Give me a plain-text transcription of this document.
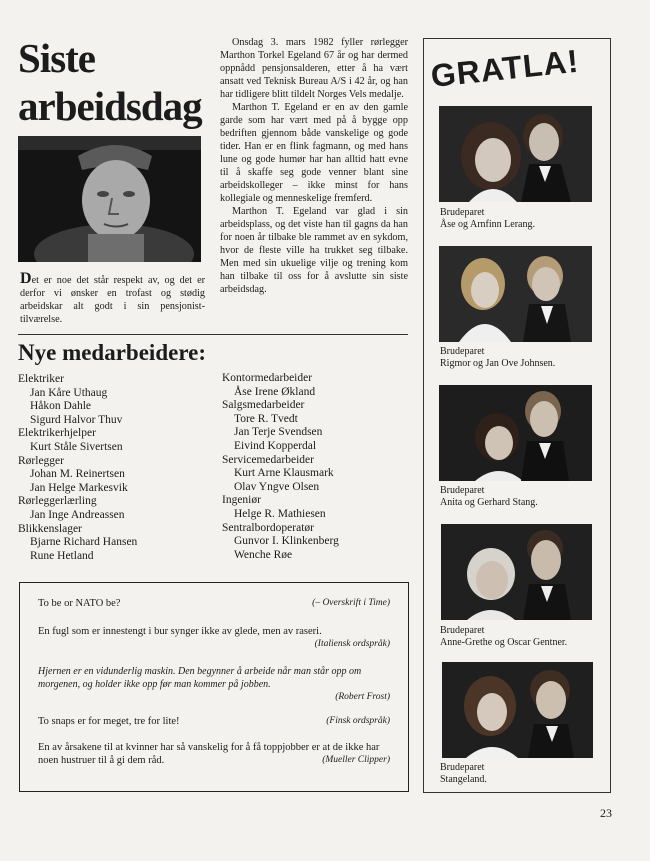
Siste
arbeidsdag
Det er noe det står respekt av, og det er derfor vi ønsker en trofast og stødig arbeidskar alt godt i sin pensjonist-tilværelse.

Onsdag 3. mars 1982 fyller rørlegger Marthon Torkel Egeland 67 år og har dermed oppnådd pensjonsalderen, etter å ha vært ansatt ved Teknisk Bureau A/S i 42 år, og han har tidligere blitt tildelt Norges Vels medalje.

Marthon T. Egeland er en av den gamle garde som har vært med på å bygge opp bedriften gjennom både vanskelige og gode tider. Han er en flink fagmann, og med hans lune og gode humør har han alltid hatt evne til å skaffe seg gode venner blant sine arbeidskolleger – ikke minst for hans kollegiale og menneskelige fremferd.

Marthon T. Egeland var glad i sin arbeidsplass, og det viste han til gagns da han for noen år tilbake ble rammet av en sykdom, hvor de fleste ville ha trukket seg tilbake. Men med sin ukuelige vilje og trening kom han tilbake til oss for å avslutte sin siste arbeidsdag.

Nye medarbeidere:
Elektriker
Jan Kåre Uthaug
Håkon Dahle
Sigurd Halvor Thuv
Elektrikerhjelper
Kurt Ståle Sivertsen
Rørlegger
Johan M. Reinertsen
Jan Helge Markesvik
Rørleggerlærling
Jan Inge Andreassen
Blikkenslager
Bjarne Richard Hansen
Rune Hetland
Kontormedarbeider
Åse Irene Økland
Salgsmedarbeider
Tore R. Tvedt
Jan Terje Svendsen
Eivind Kopperdal
Servicemedarbeider
Kurt Arne Klausmark
Olav Yngve Olsen
Ingeniør
Helge R. Mathiesen
Sentralbordoperatør
Gunvor I. Klinkenberg
Wenche Røe
To be or NATO be?	(– Overskrift i Time)
En fugl som er innestengt i bur synger ikke av glede, men av raseri.
(Italiensk ordspråk)
Hjernen er en vidunderlig maskin. Den begynner å arbeide når man står opp om morgenen, og holder ikke opp før man kommer på jobben.
(Robert Frost)
To snaps er for meget, tre for lite!	(Finsk ordspråk)
En av årsakene til at kvinner har så vanskelig for å få toppjobber er at de ikke har noen hustruer til å gi dem råd.	(Mueller Clipper)
GRATLA!
Brudeparet
Åse og Arnfinn Lerang.
Brudeparet
Rigmor og Jan Ove Johnsen.
Brudeparet
Anita og Gerhard Stang.
Brudeparet
Anne-Grethe og Oscar Gentner.
Brudeparet
Stangeland.
23
